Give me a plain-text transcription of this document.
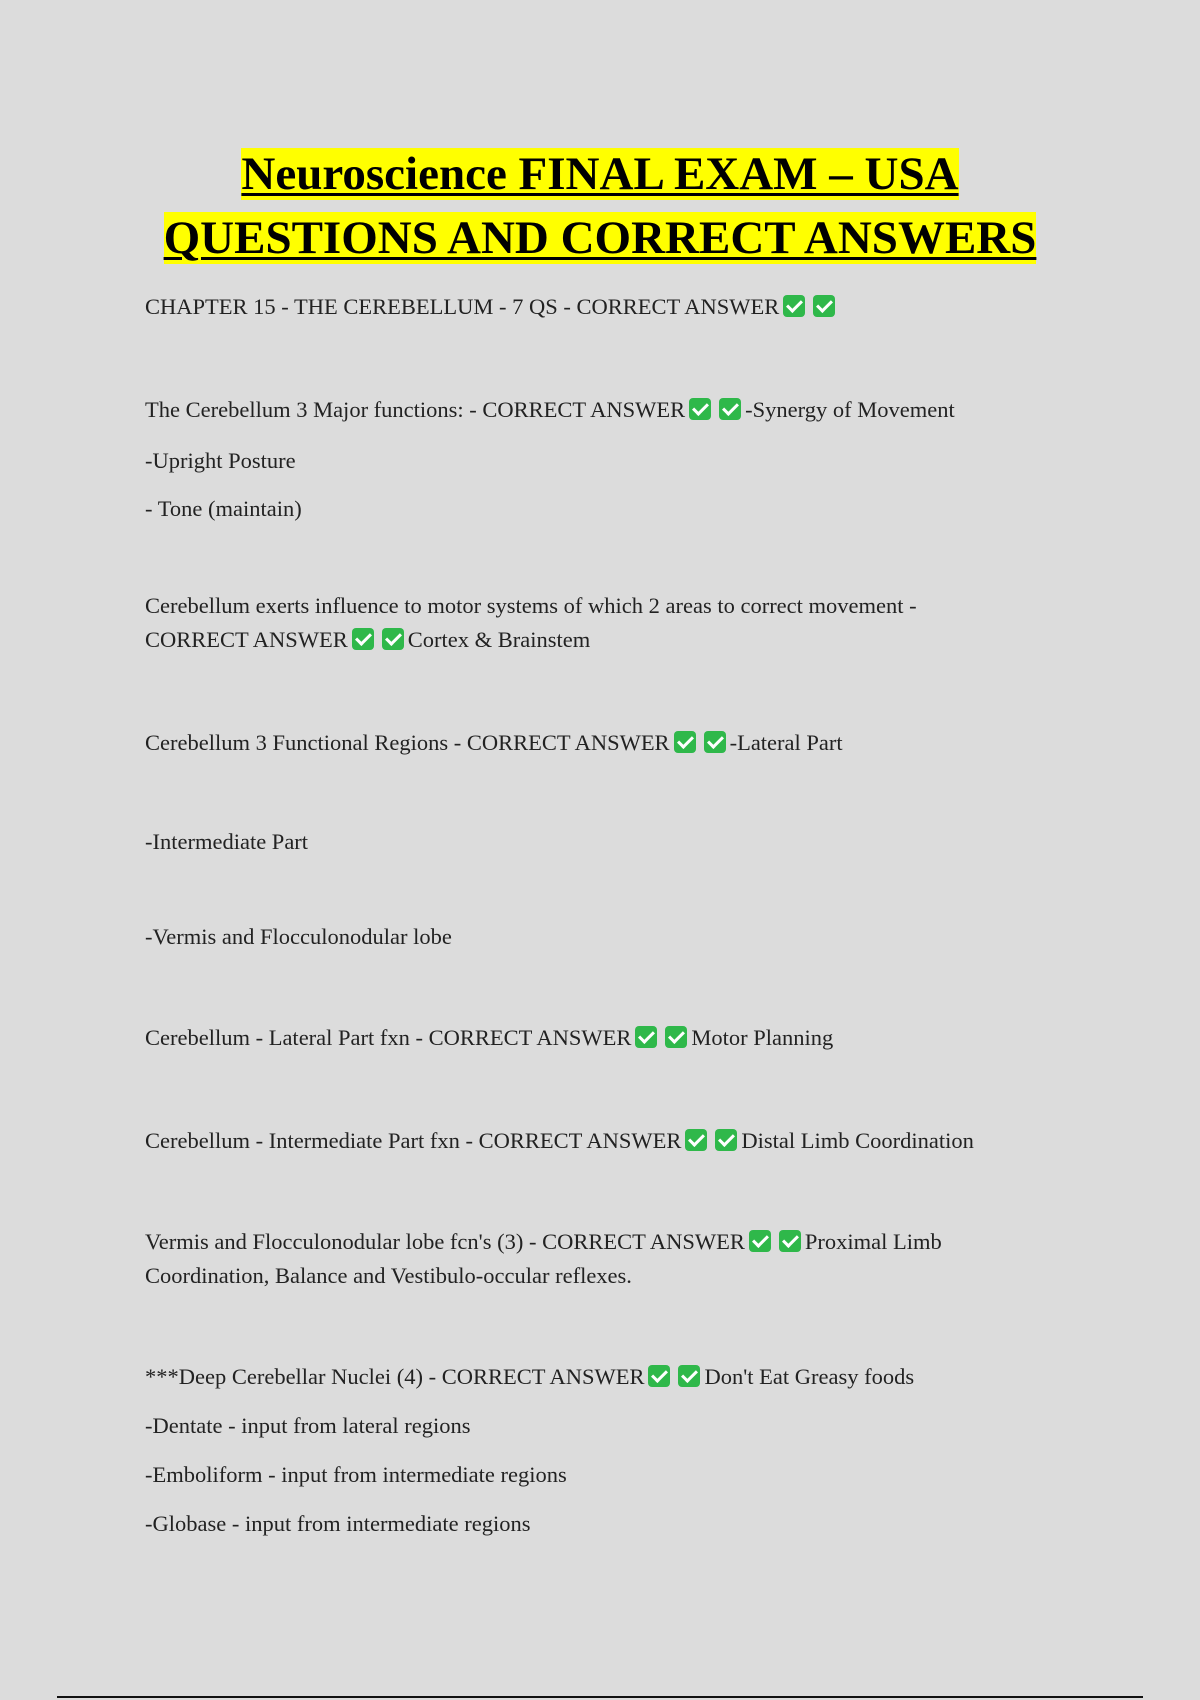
Neuroscience FINAL EXAM – USA
QUESTIONS AND CORRECT ANSWERS
CHAPTER 15 - THE CEREBELLUM - 7 QS - CORRECT ANSWER
The Cerebellum 3 Major functions: - CORRECT ANSWER	-Synergy of Movement
-Upright Posture
- Tone (maintain)
Cerebellum exerts influence to motor systems of which 2 areas to correct movement -
CORRECT ANSWER	Cortex & Brainstem
Cerebellum 3 Functional Regions - CORRECT ANSWER	-Lateral Part
-Intermediate Part
-Vermis and Flocculonodular lobe
Cerebellum - Lateral Part fxn - CORRECT ANSWER	Motor Planning
Cerebellum - Intermediate Part fxn - CORRECT ANSWER	Distal Limb Coordination
Vermis and Flocculonodular lobe fcn's (3) - CORRECT ANSWER	Proximal Limb
Coordination, Balance and Vestibulo-occular reflexes.
***Deep Cerebellar Nuclei (4) - CORRECT ANSWER	Don't Eat Greasy foods
-Dentate - input from lateral regions
-Emboliform - input from intermediate regions
-Globase - input from intermediate regions
